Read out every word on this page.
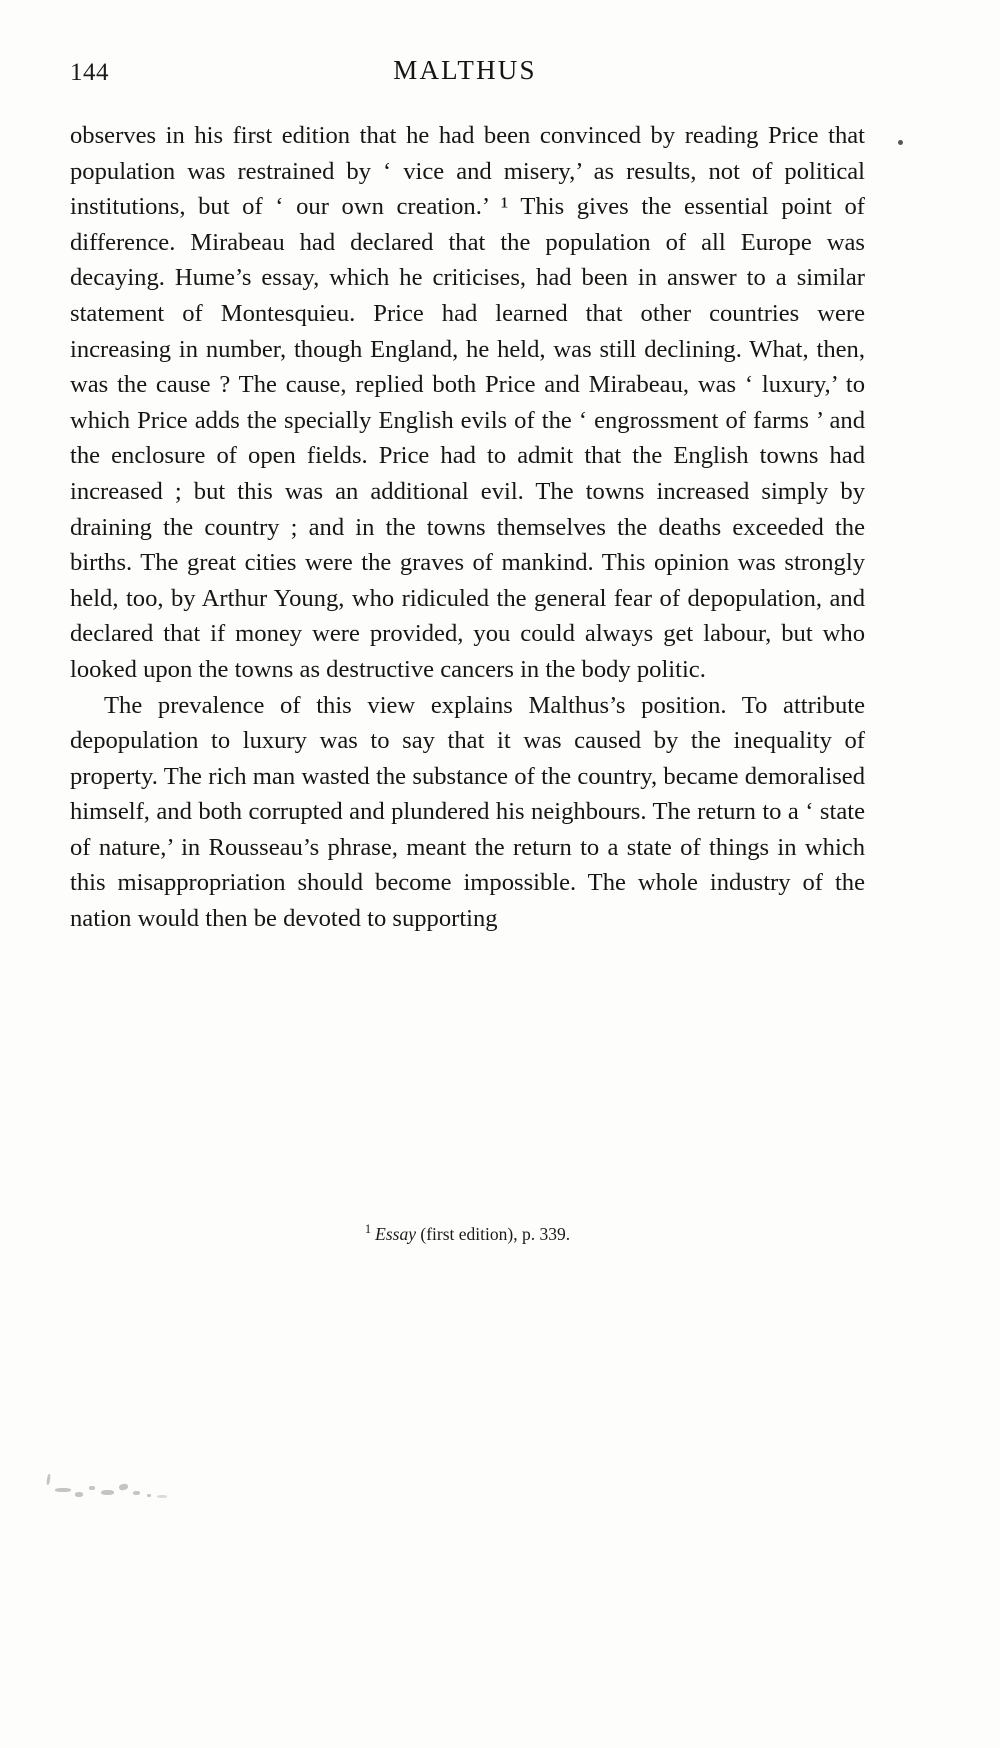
144	MALTHUS

observes in his first edition that he had been convinced by reading Price that population was restrained by ‘ vice and misery,’ as results, not of political institutions, but of ‘ our own creation.’ ¹ This gives the essential point of difference. Mirabeau had declared that the population of all Europe was decaying. Hume’s essay, which he criticises, had been in answer to a similar statement of Montesquieu. Price had learned that other countries were increasing in number, though England, he held, was still declining. What, then, was the cause ? The cause, replied both Price and Mirabeau, was ‘ luxury,’ to which Price adds the specially English evils of the ‘ engrossment of farms ’ and the enclosure of open fields. Price had to admit that the English towns had increased ; but this was an additional evil. The towns increased simply by draining the country ; and in the towns themselves the deaths exceeded the births. The great cities were the graves of mankind. This opinion was strongly held, too, by Arthur Young, who ridiculed the general fear of depopulation, and declared that if money were provided, you could always get labour, but who looked upon the towns as destructive cancers in the body politic.

The prevalence of this view explains Malthus’s position. To attribute depopulation to luxury was to say that it was caused by the inequality of property. The rich man wasted the substance of the country, became demoralised himself, and both corrupted and plundered his neighbours. The return to a ‘ state of nature,’ in Rousseau’s phrase, meant the return to a state of things in which this misappropriation should become impossible. The whole industry of the nation would then be devoted to supporting

$^1$ Essay (first edition), p. 339.
